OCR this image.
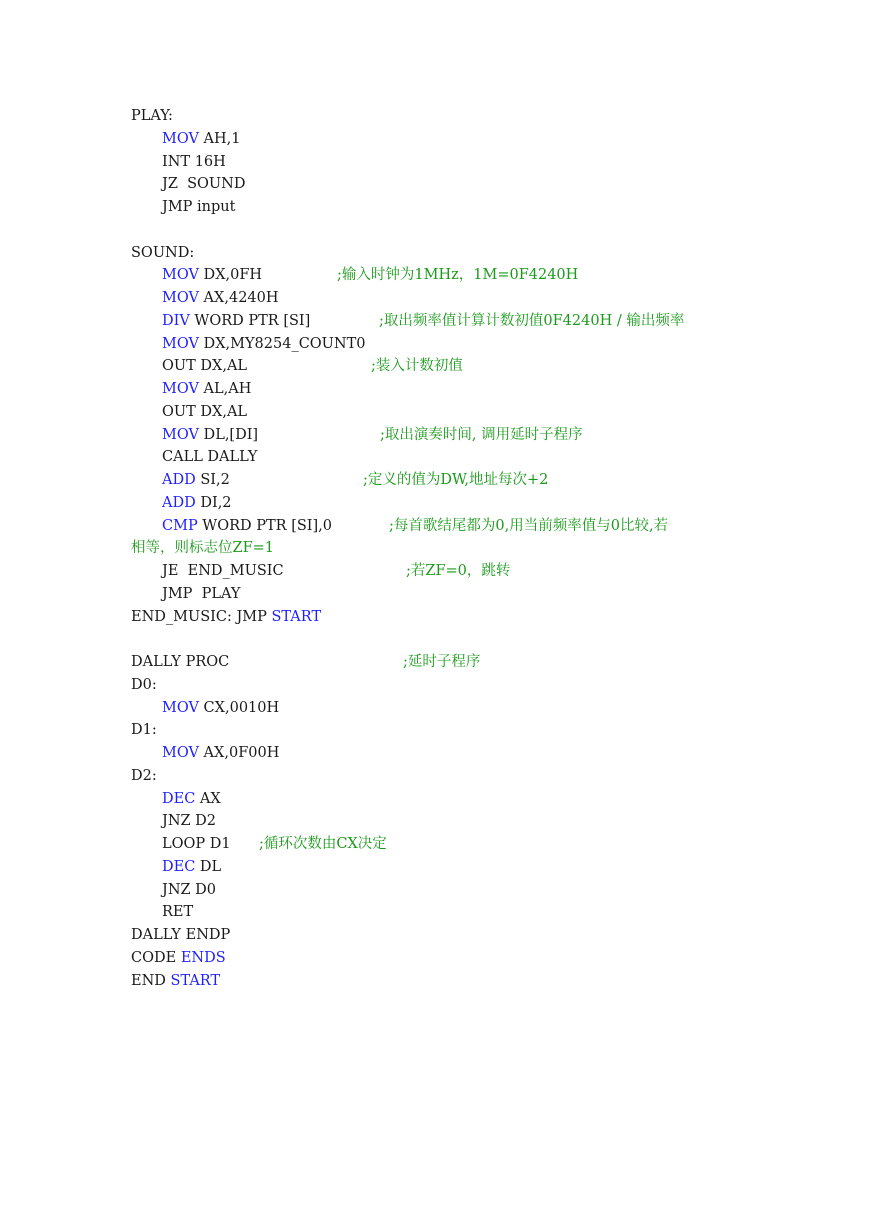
PLAY:
MOV AH,1
INT 16H
JZ  SOUND
JMP input
SOUND:
MOV DX,0FH	;输入时钟为1MHz，1M=0F4240H
MOV AX,4240H
DIV WORD PTR [SI]	;取出频率值计算计数初值0F4240H / 输出频率
MOV DX,MY8254_COUNT0
OUT DX,AL	;装入计数初值
MOV AL,AH
OUT DX,AL
MOV DL,[DI]	;取出演奏时间, 调用延时子程序
CALL DALLY
ADD SI,2	;定义的值为DW,地址每次+2
ADD DI,2
CMP WORD PTR [SI],0	;每首歌结尾都为0,用当前频率值与0比较,若
相等，则标志位ZF=1
JE  END_MUSIC	;若ZF=0，跳转
JMP  PLAY
END_MUSIC: JMP START
DALLY PROC	;延时子程序
D0:
MOV CX,0010H
D1:
MOV AX,0F00H
D2:
DEC AX
JNZ D2
LOOP D1 ;循环次数由CX决定
DEC DL
JNZ D0
RET
DALLY ENDP
CODE ENDS
END START
